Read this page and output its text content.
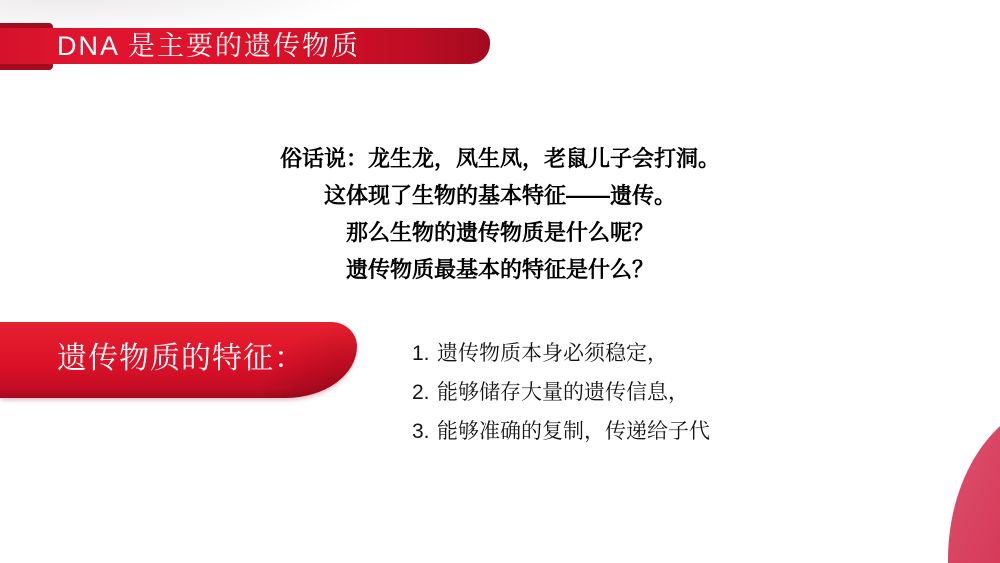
DNA 是主要的遗传物质
俗话说：龙生龙，凤生凤，老鼠儿子会打洞。
这体现了生物的基本特征——遗传。
那么生物的遗传物质是什么呢？
遗传物质最基本的特征是什么？
遗传物质的特征：	1. 遗传物质本身必须稳定，
2. 能够储存大量的遗传信息，
3. 能够准确的复制，传递给子代
